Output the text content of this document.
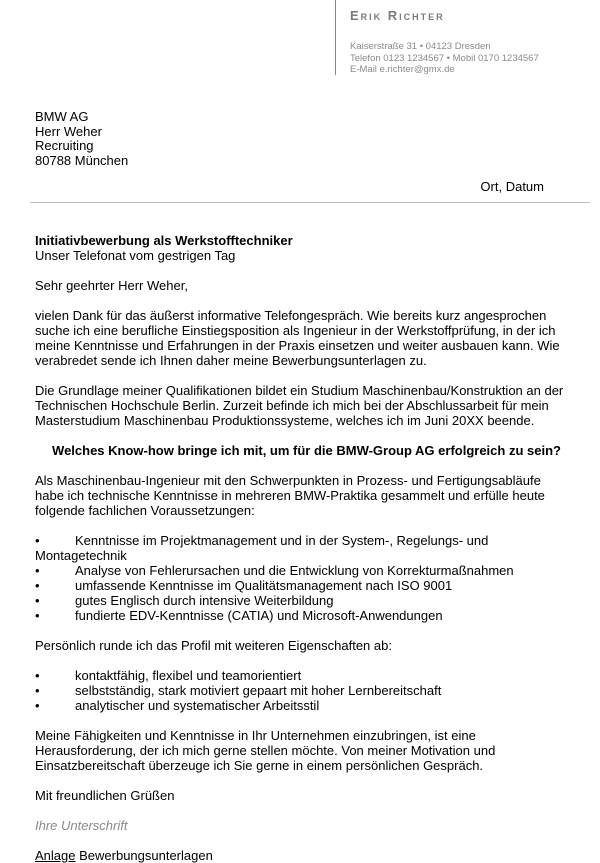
Erik Richter
Kaiserstraße 31 • 04123 Dresden
Telefon 0123 1234567 • Mobil 0170 1234567
E-Mail e.richter@gmx.de
BMW AG
Herr Weher
Recruiting
80788 München
Ort, Datum

Initiativbewerbung als Werkstofftechniker

Unser Telefonat vom gestrigen Tag

Sehr geehrter Herr Weher,

vielen Dank für das äußerst informative Telefongespräch. Wie bereits kurz angesprochen suche ich eine berufliche Einstiegsposition als Ingenieur in der Werkstoffprüfung, in der ich meine Kenntnisse und Erfahrungen in der Praxis einsetzen und weiter ausbauen kann. Wie verabredet sende ich Ihnen daher meine Bewerbungsunterlagen zu.

Die Grundlage meiner Qualifikationen bildet ein Studium Maschinenbau/Konstruktion an der Technischen Hochschule Berlin. Zurzeit befinde ich mich bei der Abschlussarbeit für mein Masterstudium Maschinenbau Produktionssysteme, welches ich im Juni 20XX beende.

Welches Know-how bringe ich mit, um für die BMW-Group AG erfolgreich zu sein?

Als Maschinenbau-Ingenieur mit den Schwerpunkten in Prozess- und Fertigungsabläufe habe ich technische Kenntnisse in mehreren BMW-Praktika gesammelt und erfülle heute folgende fachlichen Voraussetzungen:

•	Kenntnisse im Projektmanagement und in der System-, Regelungs- und Montagetechnik
•	Analyse von Fehlerursachen und die Entwicklung von Korrekturmaßnahmen
•	umfassende Kenntnisse im Qualitätsmanagement nach ISO 9001
•	gutes Englisch durch intensive Weiterbildung
•	fundierte EDV-Kenntnisse (CATIA) und Microsoft-Anwendungen

Persönlich runde ich das Profil mit weiteren Eigenschaften ab:

•	kontaktfähig, flexibel und teamorientiert
•	selbstständig, stark motiviert gepaart mit hoher Lernbereitschaft
•	analytischer und systematischer Arbeitsstil

Meine Fähigkeiten und Kenntnisse in Ihr Unternehmen einzubringen, ist eine Herausforderung, der ich mich gerne stellen möchte. Von meiner Motivation und Einsatzbereitschaft überzeuge ich Sie gerne in einem persönlichen Gespräch.

Mit freundlichen Grüßen

Ihre Unterschrift

Anlage Bewerbungsunterlagen
